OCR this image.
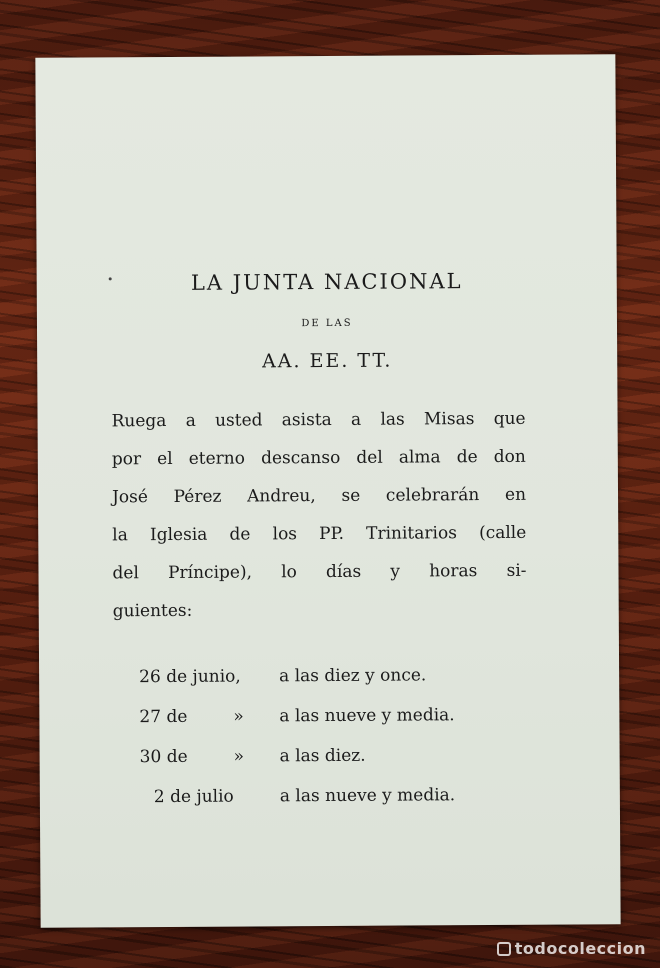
LA JUNTA NACIONAL
DE LAS
AA. EE. TT.
Ruega a usted asista a las Misas que
por el eterno descanso del alma de don
José Pérez Andreu, se celebrarán en
la Iglesia de los PP. Trinitarios (calle
del Príncipe), lo días y horas si-
guientes:
26 de junio, a las diez y once.
27 de	» a las nueve y media.
30 de	» a las diez.
2 de julio	a las nueve y media.
todocoleccion
